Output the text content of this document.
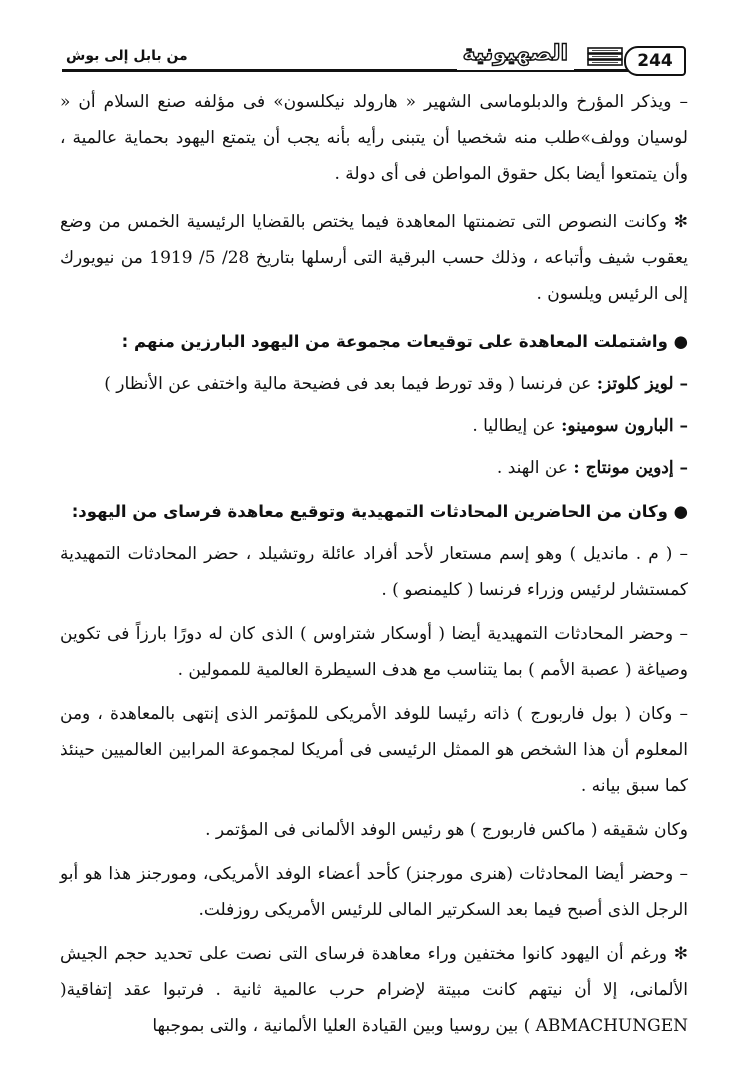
من بابل إلى بوش	الصهيونية	244

– ويذكر المؤرخ والدبلوماسى الشهير « هارولد نيكلسون» فى مؤلفه صنع السلام أن « لوسيان وولف»طلب منه شخصيا أن يتبنى رأيه بأنه يجب أن يتمتع اليهود بحماية عالمية ، وأن يتمتعوا أيضا بكل حقوق المواطن فى أى دولة .

✻ وكانت النصوص التى تضمنتها المعاهدة فيما يختص بالقضايا الرئيسية الخمس من وضع يعقوب شيف وأتباعه ، وذلك حسب البرقية التى أرسلها بتاريخ 28/ 5/ 1919 من نيويورك إلى الرئيس ويلسون .

● واشتملت المعاهدة على توقيعات مجموعة من اليهود البارزين منهم :

– لويز كلوتز: عن فرنسا ( وقد تورط فيما بعد فى فضيحة مالية واختفى عن الأنظار )
– البارون سومينو: عن إيطاليا .
– إدوين مونتاج : عن الهند .

● وكان من الحاضرين المحادثات التمهيدية وتوقيع معاهدة فرساى من اليهود:

– ( م . مانديل ) وهو إسم مستعار لأحد أفراد عائلة روتشيلد ، حضر المحادثات التمهيدية كمستشار لرئيس وزراء فرنسا ( كليمنصو ) .

– وحضر المحادثات التمهيدية أيضا ( أوسكار شتراوس ) الذى كان له دورًا بارزاً فى تكوين وصياغة ( عصبة الأمم ) بما يتناسب مع هدف السيطرة العالمية للممولين .

– وكان ( بول فاربورج ) ذاته رئيسا للوفد الأمريكى للمؤتمر الذى إنتهى بالمعاهدة ، ومن المعلوم أن هذا الشخص هو الممثل الرئيسى فى أمريكا لمجموعة المرابين العالميين حينئذ كما سبق بيانه .

وكان شقيقه ( ماكس فاربورج ) هو رئيس الوفد الألمانى فى المؤتمر .

– وحضر أيضا المحادثات (هنرى مورجنز) كأحد أعضاء الوفد الأمريكى، ومورجنز هذا هو أبو الرجل الذى أصبح فيما بعد السكرتير المالى للرئيس الأمريكى روزفلت.

✻ ورغم أن اليهود كانوا مختفين وراء معاهدة فرساى التى نصت على تحديد حجم الجيش الألمانى، إلا أن نيتهم كانت مبيتة لإضرام حرب عالمية ثانية . فرتبوا عقد إتفاقية( ABMACHUNGEN ) بين روسيا وبين القيادة العليا الألمانية ، والتى بموجبها
